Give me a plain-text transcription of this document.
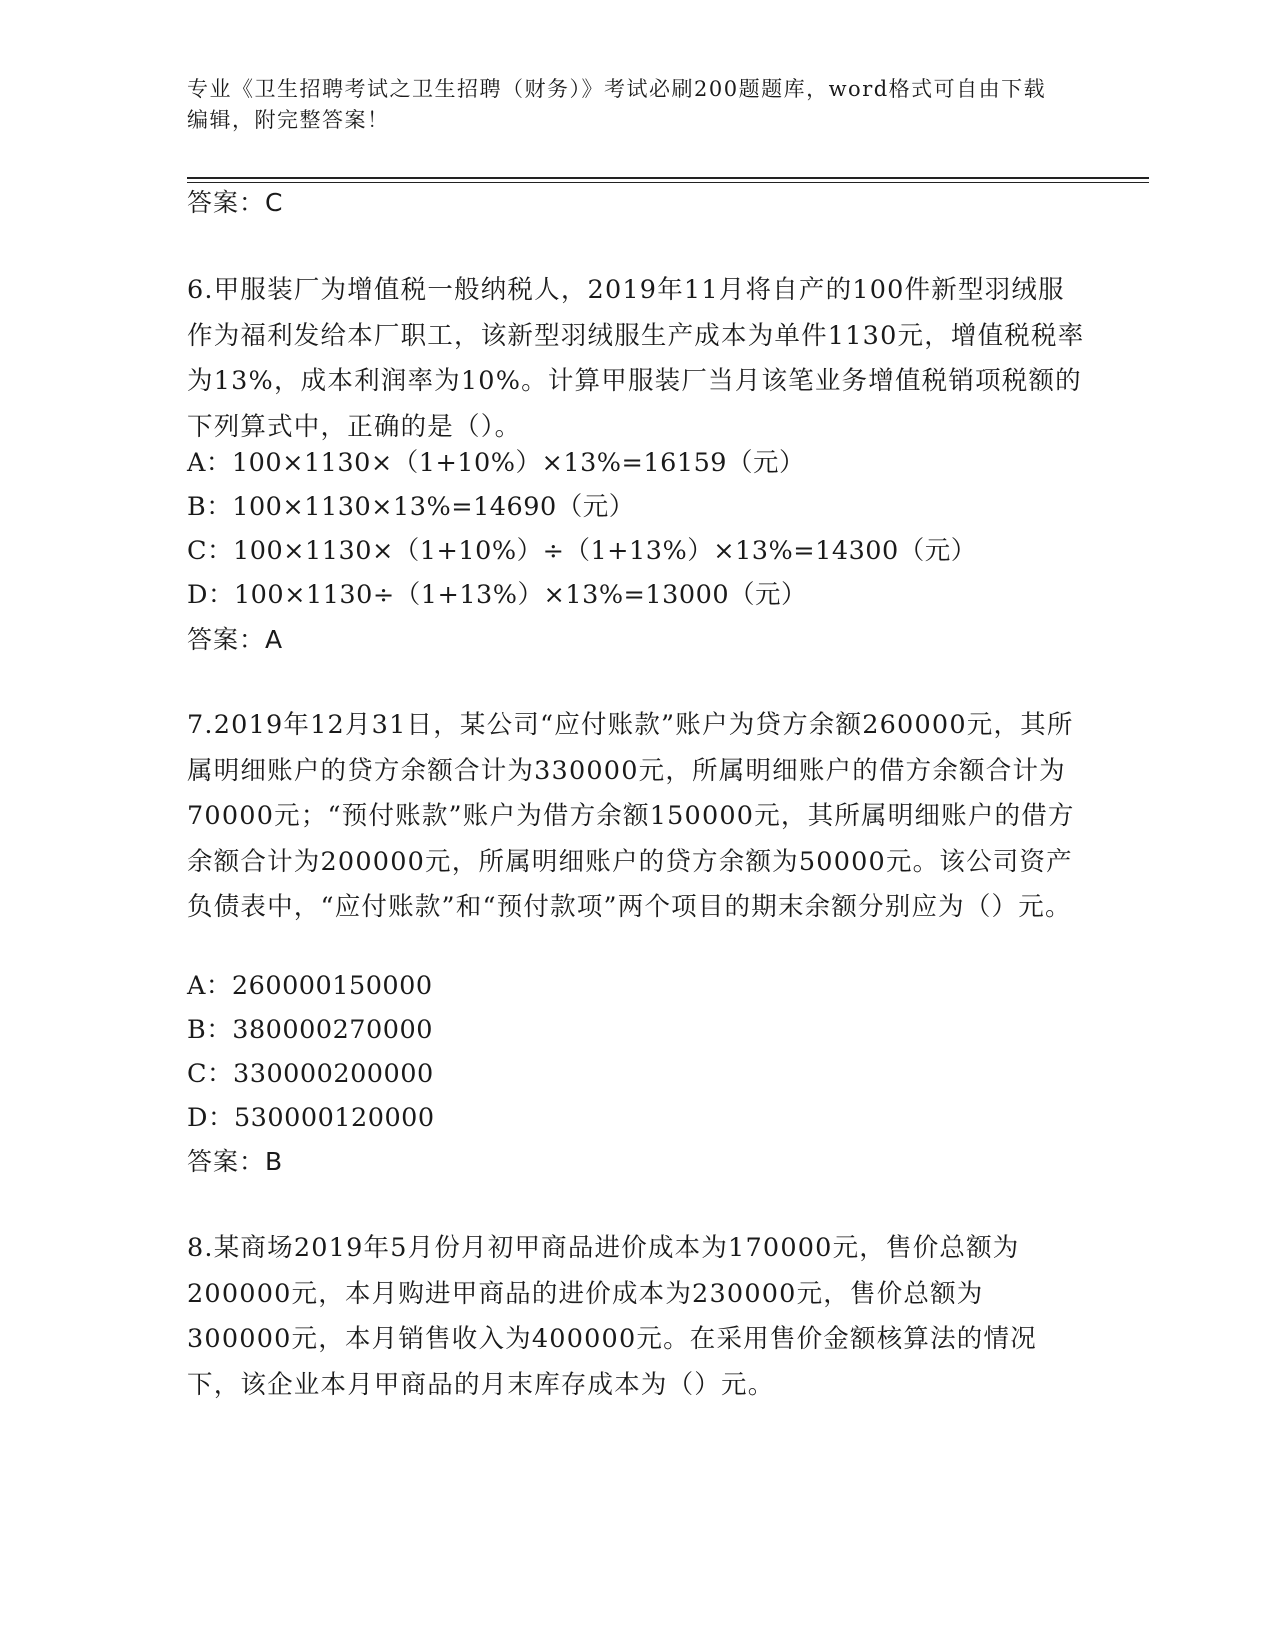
专业《卫生招聘考试之卫生招聘（财务）》考试必刷200题题库，word格式可自由下载编辑，附完整答案！
答案：C
6.甲服装厂为增值税一般纳税人，2019年11月将自产的100件新型羽绒服作为福利发给本厂职工，该新型羽绒服生产成本为单件1130元，增值税税率为13%，成本利润率为10%。计算甲服装厂当月该笔业务增值税销项税额的下列算式中，正确的是（）。
A：100×1130×（1+10%）×13%=16159（元）
B：100×1130×13%=14690（元）
C：100×1130×（1+10%）÷（1+13%）×13%=14300（元）
D：100×1130÷（1+13%）×13%=13000（元）
答案：A
7.2019年12月31日，某公司“应付账款”账户为贷方余额260000元，其所属明细账户的贷方余额合计为330000元，所属明细账户的借方余额合计为70000元；“预付账款”账户为借方余额150000元，其所属明细账户的借方余额合计为200000元，所属明细账户的贷方余额为50000元。该公司资产负债表中，“应付账款”和“预付款项”两个项目的期末余额分别应为（）元。
A：260000150000
B：380000270000
C：330000200000
D：530000120000
答案：B
8.某商场2019年5月份月初甲商品进价成本为170000元，售价总额为200000元，本月购进甲商品的进价成本为230000元，售价总额为300000元，本月销售收入为400000元。在采用售价金额核算法的情况下，该企业本月甲商品的月末库存成本为（）元。
